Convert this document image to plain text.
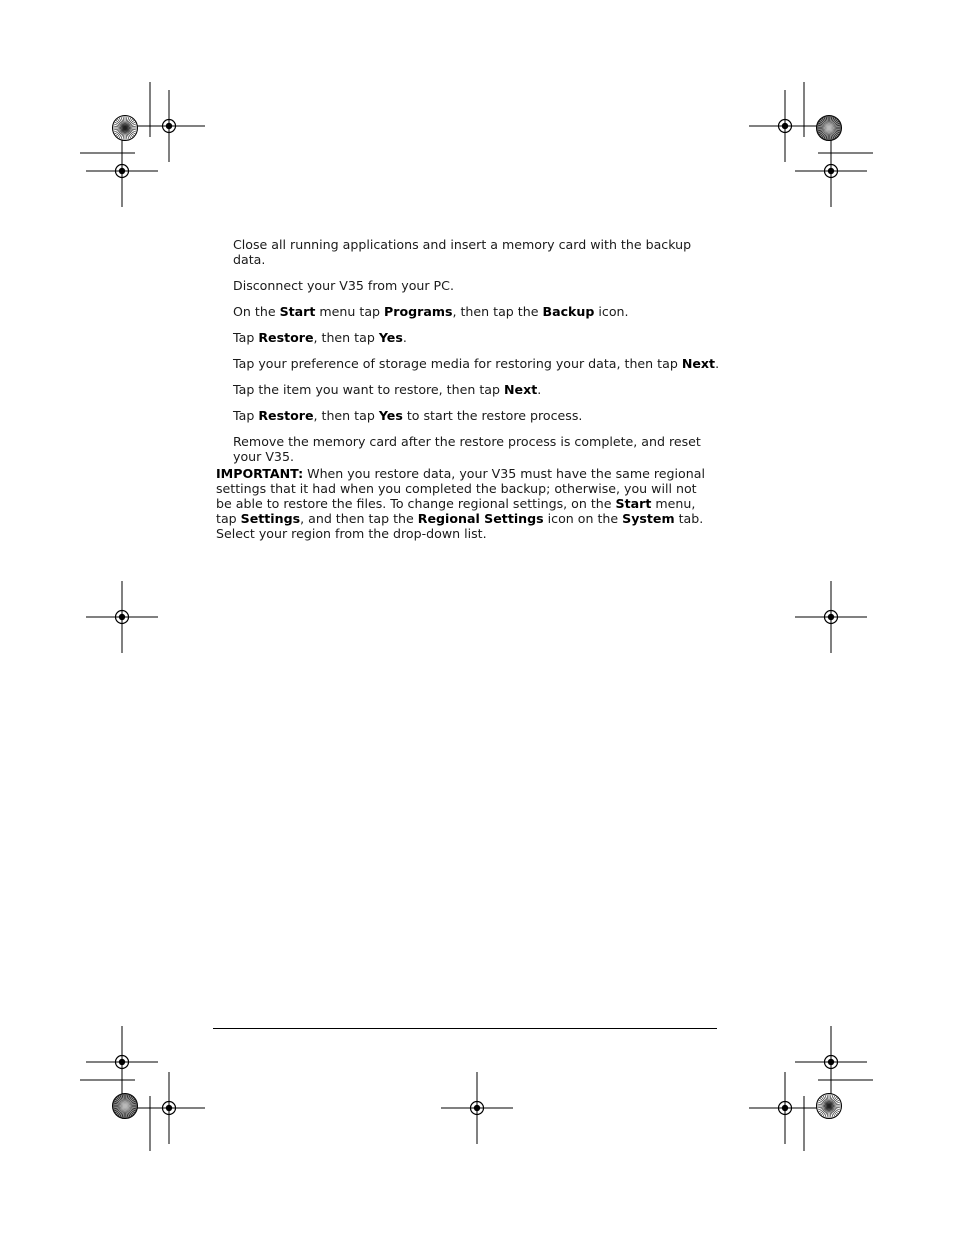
Close all running applications and insert a memory card with the backup data.
Disconnect your V35 from your PC.
On the Start menu tap Programs, then tap the Backup icon.
Tap Restore, then tap Yes.
Tap your preference of storage media for restoring your data, then tap Next.
Tap the item you want to restore, then tap Next.
Tap Restore, then tap Yes to start the restore process.
Remove the memory card after the restore process is complete, and reset your V35.

IMPORTANT: When you restore data, your V35 must have the same regional settings that it had when you completed the backup; otherwise, you will not be able to restore the files. To change regional settings, on the Start menu, tap Settings, and then tap the Regional Settings icon on the System tab. Select your region from the drop-down list.
